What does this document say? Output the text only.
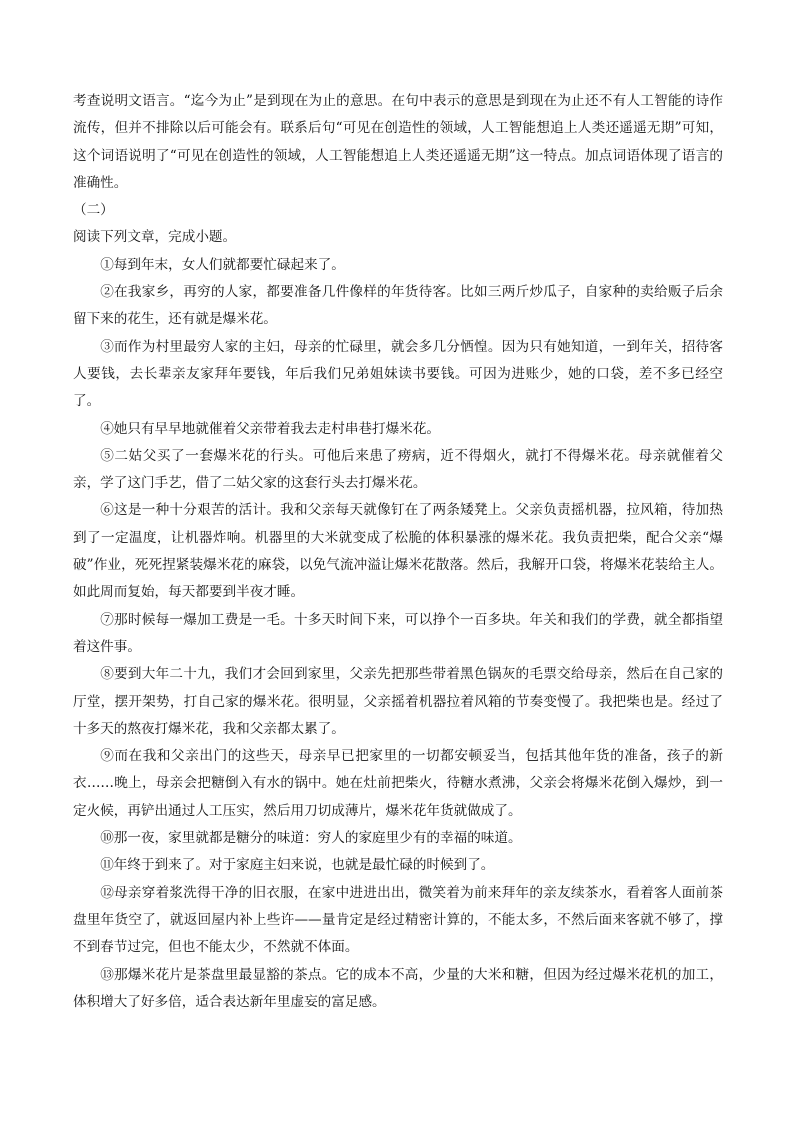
考查说明文语言。“迄今为止”是到现在为止的意思。在句中表示的意思是到现在为止还不有人工智能的诗作流传，但并不排除以后可能会有。联系后句“可见在创造性的领域，人工智能想追上人类还遥遥无期”可知，这个词语说明了“可见在创造性的领域，人工智能想追上人类还遥遥无期”这一特点。加点词语体现了语言的准确性。

（二）

阅读下列文章，完成小题。

①每到年末，女人们就都要忙碌起来了。

②在我家乡，再穷的人家，都要准备几件像样的年货待客。比如三两斤炒瓜子，自家种的卖给贩子后余留下来的花生，还有就是爆米花。

③而作为村里最穷人家的主妇，母亲的忙碌里，就会多几分恓惶。因为只有她知道，一到年关，招待客人要钱，去长辈亲友家拜年要钱，年后我们兄弟姐妹读书要钱。可因为进账少，她的口袋，差不多已经空了。

④她只有早早地就催着父亲带着我去走村串巷打爆米花。

⑤二姑父买了一套爆米花的行头。可他后来患了痨病，近不得烟火，就打不得爆米花。母亲就催着父亲，学了这门手艺，借了二姑父家的这套行头去打爆米花。

⑥这是一种十分艰苦的活计。我和父亲每天就像钉在了两条矮凳上。父亲负责摇机器，拉风箱，待加热到了一定温度，让机器炸响。机器里的大米就变成了松脆的体积暴涨的爆米花。我负责把柴，配合父亲“爆破”作业，死死捏紧装爆米花的麻袋，以免气流冲溢让爆米花散落。然后，我解开口袋，将爆米花装给主人。如此周而复始，每天都要到半夜才睡。

⑦那时候每一爆加工费是一毛。十多天时间下来，可以挣个一百多块。年关和我们的学费，就全都指望着这件事。

⑧要到大年二十九，我们才会回到家里，父亲先把那些带着黑色锅灰的毛票交给母亲，然后在自己家的厅堂，摆开架势，打自己家的爆米花。很明显，父亲摇着机器拉着风箱的节奏变慢了。我把柴也是。经过了十多天的熬夜打爆米花，我和父亲都太累了。

⑨而在我和父亲出门的这些天，母亲早已把家里的一切都安顿妥当，包括其他年货的准备，孩子的新衣……晚上，母亲会把糖倒入有水的锅中。她在灶前把柴火，待糖水煮沸，父亲会将爆米花倒入爆炒，到一定火候，再铲出通过人工压实，然后用刀切成薄片，爆米花年货就做成了。

⑩那一夜，家里就都是糖分的味道：穷人的家庭里少有的幸福的味道。

⑪年终于到来了。对于家庭主妇来说，也就是最忙碌的时候到了。

⑫母亲穿着浆洗得干净的旧衣服，在家中进进出出，微笑着为前来拜年的亲友续茶水，看着客人面前茶盘里年货空了，就返回屋内补上些许——量肯定是经过精密计算的，不能太多，不然后面来客就不够了，撑不到春节过完，但也不能太少，不然就不体面。

⑬那爆米花片是茶盘里最显豁的茶点。它的成本不高，少量的大米和糖，但因为经过爆米花机的加工，体积增大了好多倍，适合表达新年里虚妄的富足感。
